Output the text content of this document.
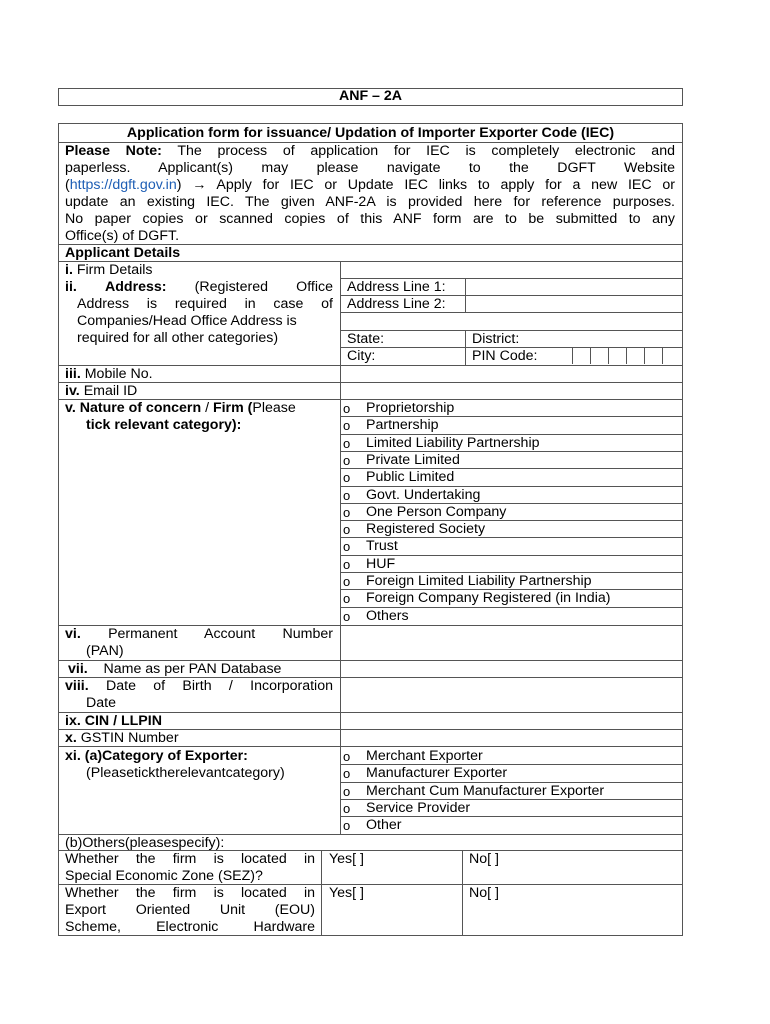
ANF – 2A
Application form for issuance/ Updation of Importer Exporter Code (IEC)
Please Note: The process of application for IEC is completely electronic and
paperless. Applicant(s) may please navigate to the DGFT Website
(https://dgft.gov.in) → Apply for IEC or Update IEC links to apply for a new IEC or
update an existing IEC. The given ANF-2A is provided here for reference purposes.
No paper copies or scanned copies of this ANF form are to be submitted to any
Office(s) of DGFT.
Applicant Details
i. Firm Details
ii. Address: (Registered Office
Address is required in case of
Companies/Head Office Address is
required for all other categories)
Address Line 1:
Address Line 2:
State:	District:
City:	PIN Code:
iii. Mobile No.
iv. Email ID
v. Nature of concern / Firm (Please
tick relevant category):
o Proprietorship
o Partnership
o Limited Liability Partnership
o Private Limited
o Public Limited
o Govt. Undertaking
o One Person Company
o Registered Society
o Trust
o HUF
o Foreign Limited Liability Partnership
o Foreign Company Registered (in India)
o Others
vi. Permanent Account Number
(PAN)
vii. Name as per PAN Database
viii. Date of Birth / Incorporation
Date
ix. CIN / LLPIN
x. GSTIN Number
xi. (a)Category of Exporter:
(Pleaseticktherelevantcategory)
o Merchant Exporter
o Manufacturer Exporter
o Merchant Cum Manufacturer Exporter
o Service Provider
o Other
(b)Others(pleasespecify):
Whether the firm is located in
Special Economic Zone (SEZ)?
Yes[ ]	No[ ]
Whether the firm is located in
Export Oriented Unit (EOU)
Scheme, Electronic Hardware
Yes[ ]	No[ ]
